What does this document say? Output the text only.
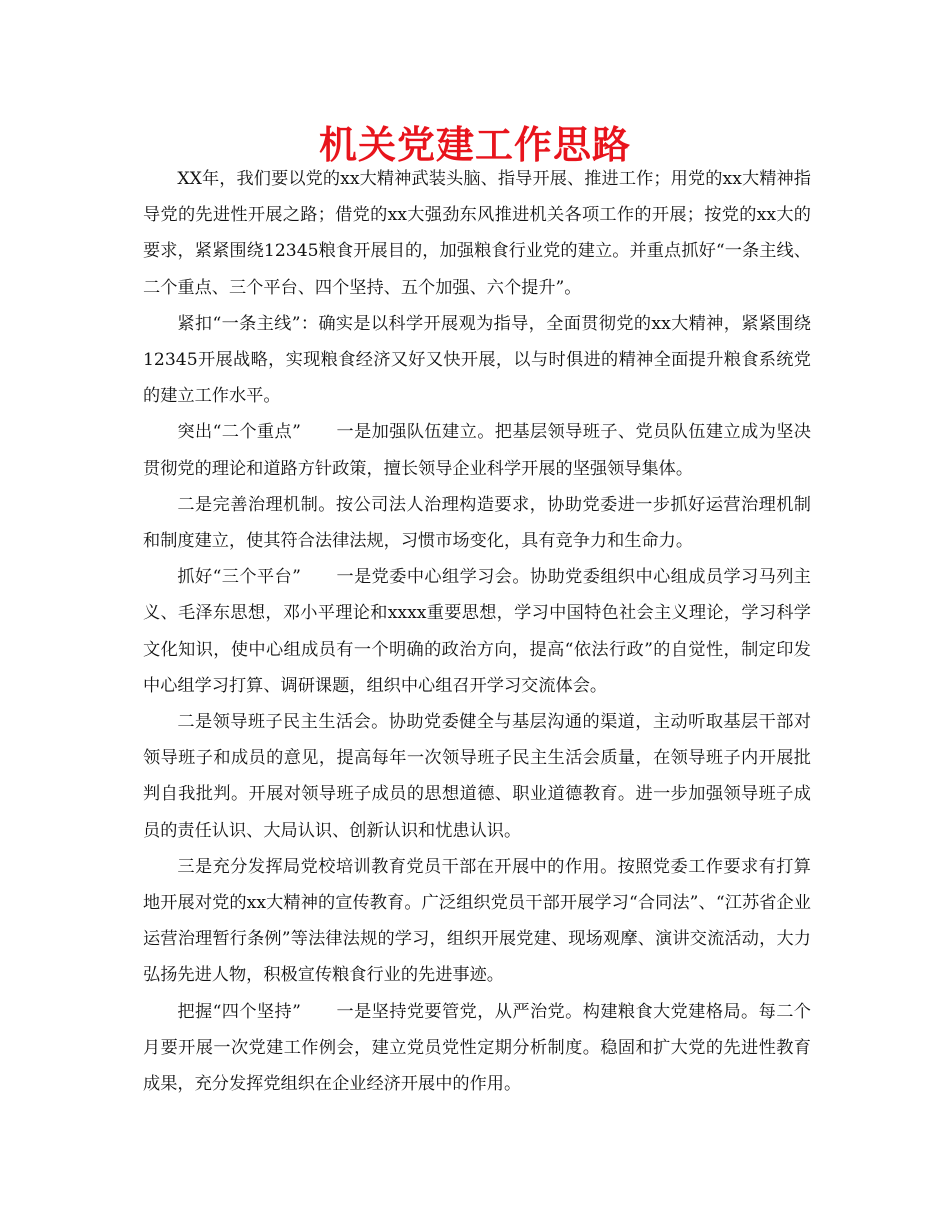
机关党建工作思路

XX年，我们要以党的xx大精神武装头脑、指导开展、推进工作；用党的xx大精神指导党的先进性开展之路；借党的xx大强劲东风推进机关各项工作的开展；按党的xx大的要求，紧紧围绕12345粮食开展目的，加强粮食行业党的建立。并重点抓好“一条主线、二个重点、三个平台、四个坚持、五个加强、六个提升”。

紧扣“一条主线”：确实是以科学开展观为指导，全面贯彻党的xx大精神，紧紧围绕12345开展战略，实现粮食经济又好又快开展，以与时俱进的精神全面提升粮食系统党的建立工作水平。

突出“二个重点”　　一是加强队伍建立。把基层领导班子、党员队伍建立成为坚决贯彻党的理论和道路方针政策，擅长领导企业科学开展的坚强领导集体。

二是完善治理机制。按公司法人治理构造要求，协助党委进一步抓好运营治理机制和制度建立，使其符合法律法规，习惯市场变化，具有竞争力和生命力。

抓好“三个平台”　　一是党委中心组学习会。协助党委组织中心组成员学习马列主义、毛泽东思想，邓小平理论和xxxx重要思想，学习中国特色社会主义理论，学习科学文化知识，使中心组成员有一个明确的政治方向，提高“依法行政”的自觉性，制定印发中心组学习打算、调研课题，组织中心组召开学习交流体会。

二是领导班子民主生活会。协助党委健全与基层沟通的渠道，主动听取基层干部对领导班子和成员的意见，提高每年一次领导班子民主生活会质量，在领导班子内开展批判自我批判。开展对领导班子成员的思想道德、职业道德教育。进一步加强领导班子成员的责任认识、大局认识、创新认识和忧患认识。

三是充分发挥局党校培训教育党员干部在开展中的作用。按照党委工作要求有打算地开展对党的xx大精神的宣传教育。广泛组织党员干部开展学习“合同法”、“江苏省企业运营治理暂行条例”等法律法规的学习，组织开展党建、现场观摩、演讲交流活动，大力弘扬先进人物，积极宣传粮食行业的先进事迹。

把握“四个坚持”　　一是坚持党要管党，从严治党。构建粮食大党建格局。每二个月要开展一次党建工作例会，建立党员党性定期分析制度。稳固和扩大党的先进性教育成果，充分发挥党组织在企业经济开展中的作用。
